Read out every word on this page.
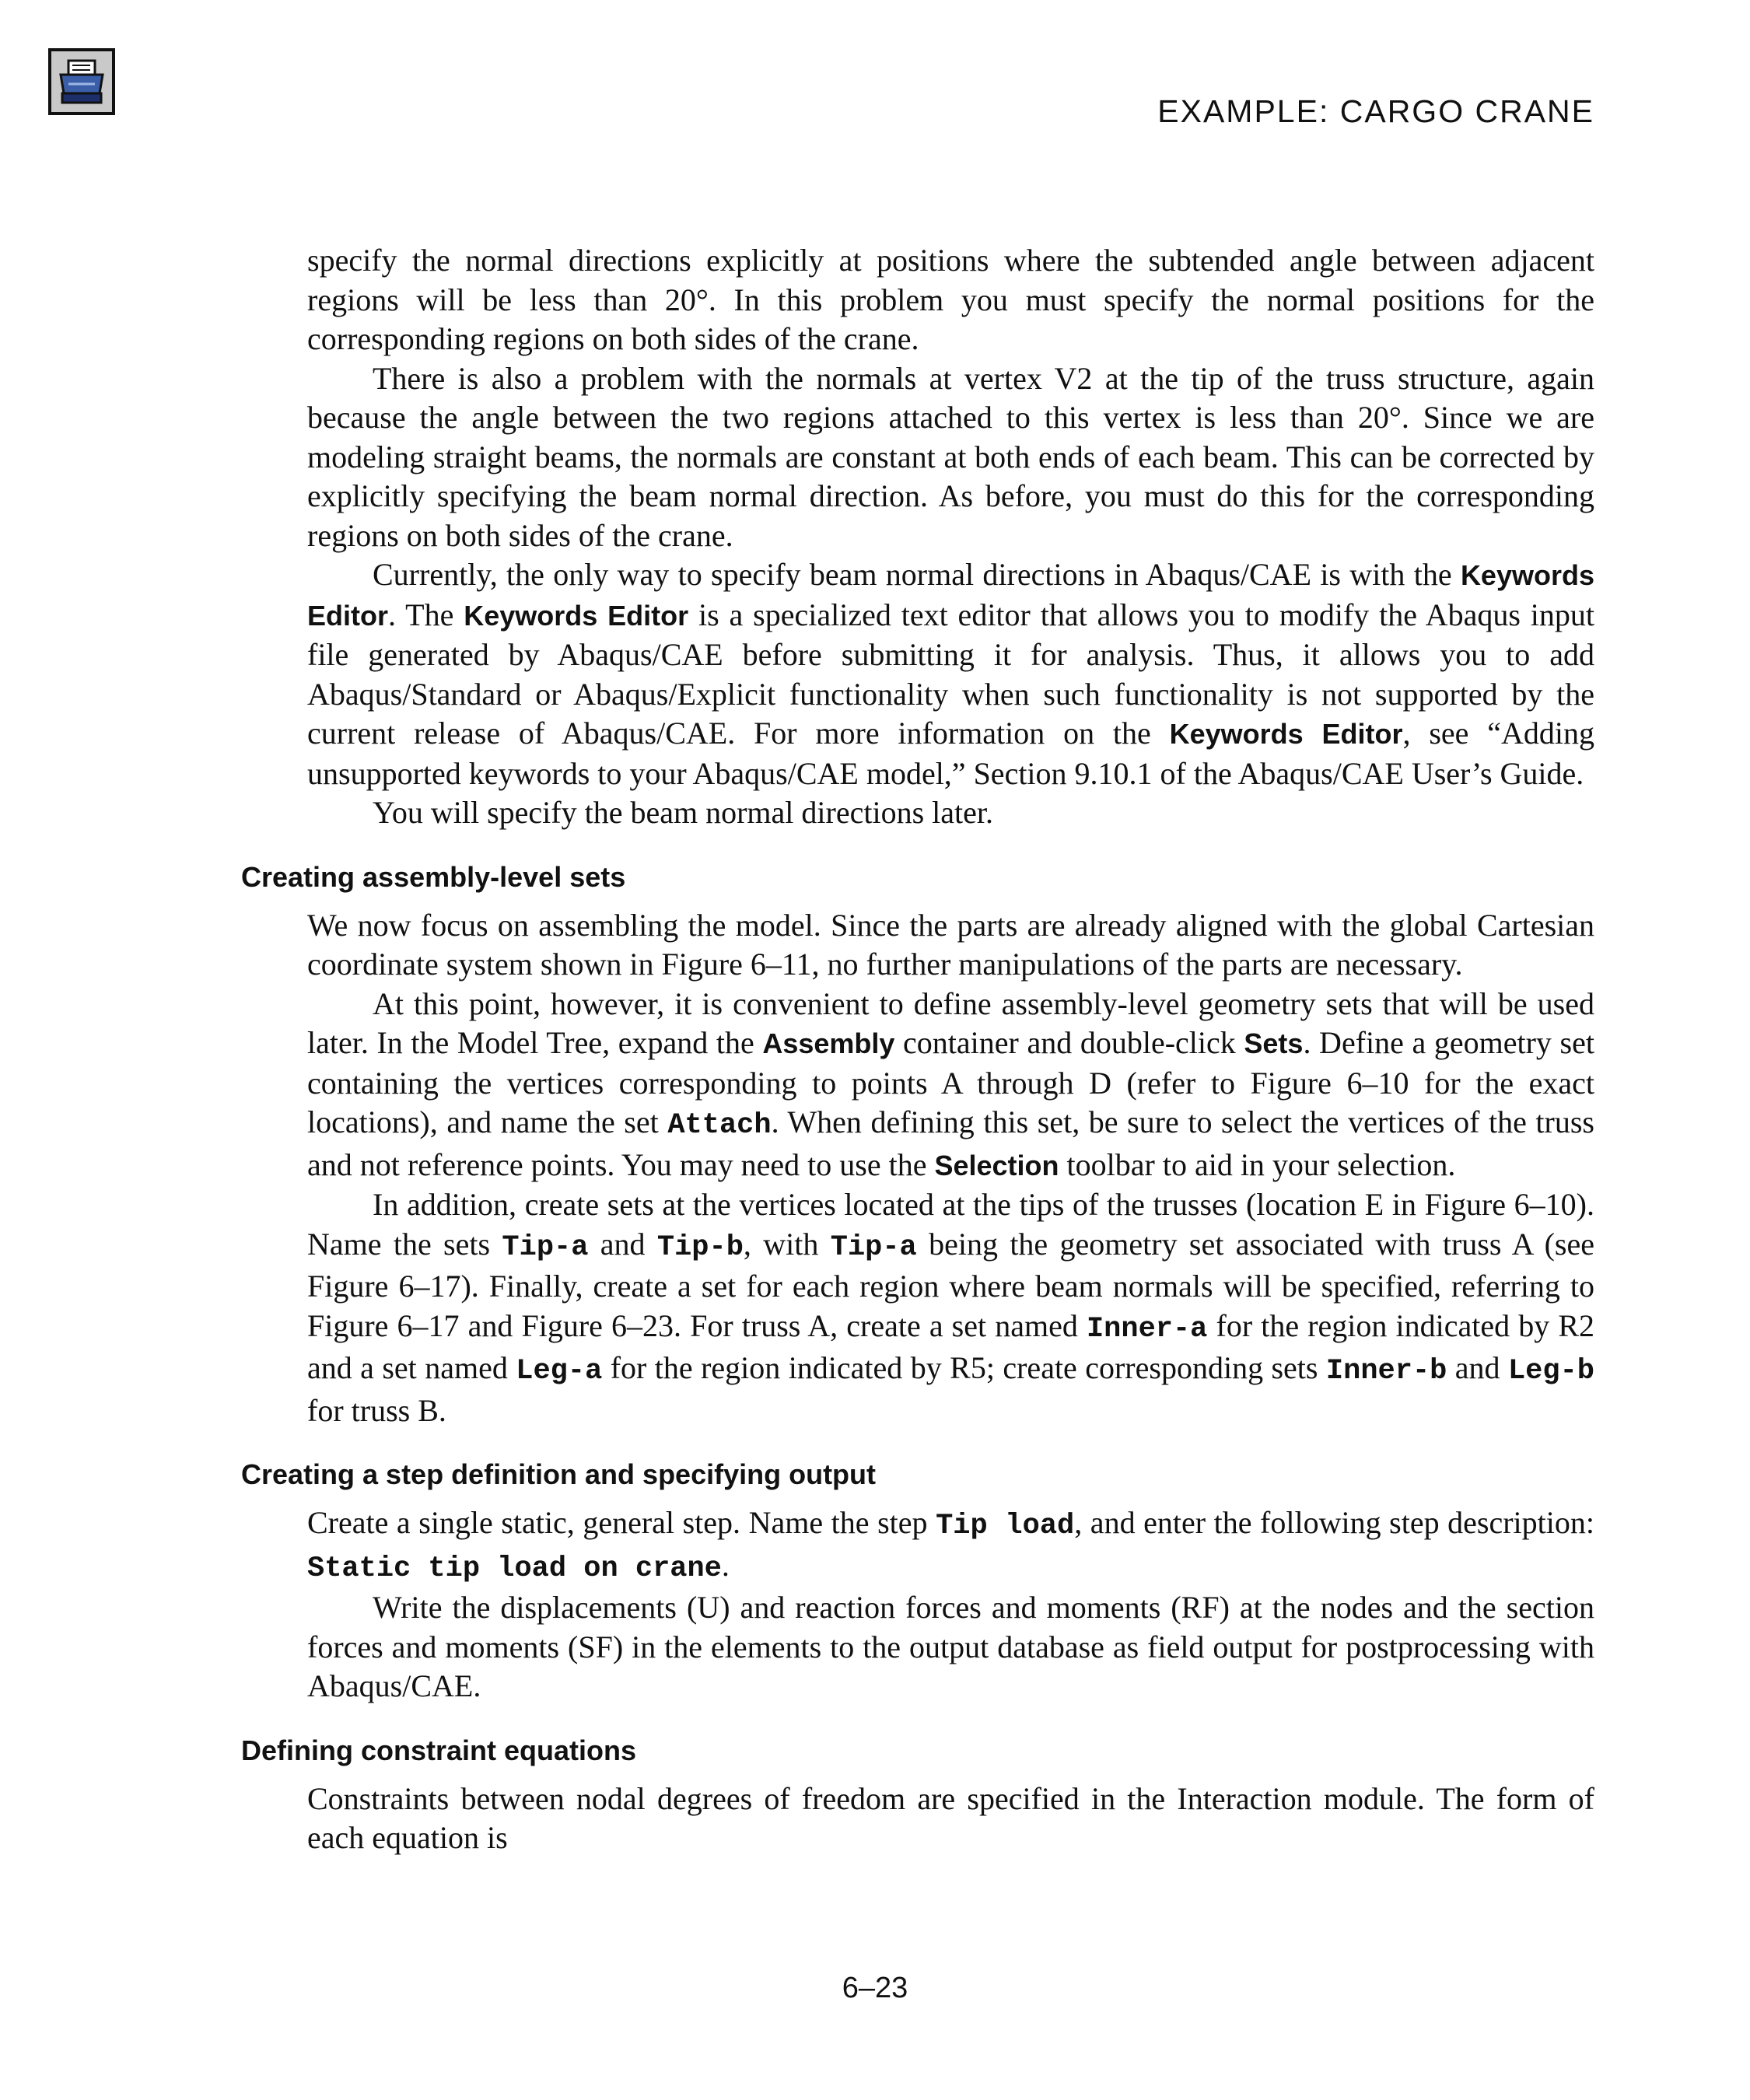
EXAMPLE: CARGO CRANE

specify the normal directions explicitly at positions where the subtended angle between adjacent regions will be less than 20°. In this problem you must specify the normal positions for the corresponding regions on both sides of the crane.

There is also a problem with the normals at vertex V2 at the tip of the truss structure, again because the angle between the two regions attached to this vertex is less than 20°. Since we are modeling straight beams, the normals are constant at both ends of each beam. This can be corrected by explicitly specifying the beam normal direction. As before, you must do this for the corresponding regions on both sides of the crane.

Currently, the only way to specify beam normal directions in Abaqus/CAE is with the Keywords Editor. The Keywords Editor is a specialized text editor that allows you to modify the Abaqus input file generated by Abaqus/CAE before submitting it for analysis. Thus, it allows you to add Abaqus/Standard or Abaqus/Explicit functionality when such functionality is not supported by the current release of Abaqus/CAE. For more information on the Keywords Editor, see “Adding unsupported keywords to your Abaqus/CAE model,” Section 9.10.1 of the Abaqus/CAE User’s Guide.

You will specify the beam normal directions later.

Creating assembly-level sets

We now focus on assembling the model. Since the parts are already aligned with the global Cartesian coordinate system shown in Figure 6–11, no further manipulations of the parts are necessary.

At this point, however, it is convenient to define assembly-level geometry sets that will be used later. In the Model Tree, expand the Assembly container and double-click Sets. Define a geometry set containing the vertices corresponding to points A through D (refer to Figure 6–10 for the exact locations), and name the set Attach. When defining this set, be sure to select the vertices of the truss and not reference points. You may need to use the Selection toolbar to aid in your selection.

In addition, create sets at the vertices located at the tips of the trusses (location E in Figure 6–10). Name the sets Tip-a and Tip-b, with Tip-a being the geometry set associated with truss A (see Figure 6–17). Finally, create a set for each region where beam normals will be specified, referring to Figure 6–17 and Figure 6–23. For truss A, create a set named Inner-a for the region indicated by R2 and a set named Leg-a for the region indicated by R5; create corresponding sets Inner-b and Leg-b for truss B.

Creating a step definition and specifying output

Create a single static, general step. Name the step Tip load, and enter the following step description: Static tip load on crane.

Write the displacements (U) and reaction forces and moments (RF) at the nodes and the section forces and moments (SF) in the elements to the output database as field output for postprocessing with Abaqus/CAE.

Defining constraint equations

Constraints between nodal degrees of freedom are specified in the Interaction module. The form of each equation is

6–23
